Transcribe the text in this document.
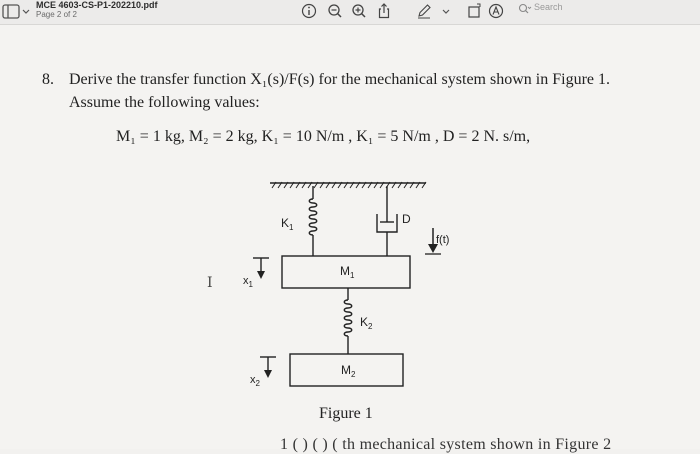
MCE 4603-CS-P1-202210.pdf
Page 2 of 2
Search
8. Derive the transfer function X₁(s)/F(s) for the mechanical system shown in Figure 1.
Assume the following values:
M₁ = 1 kg, M₂ = 2 kg, K₁ = 10 N/m , K₁ = 5 N/m , D = 2 N. s/m,
$K_1$
D
f(t)
$M_1$
$x_1$
$K_2$
$M_2$
$x_2$
I
Figure 1
1 ( ) ( ) ( th mechanical system shown in Figure 2
